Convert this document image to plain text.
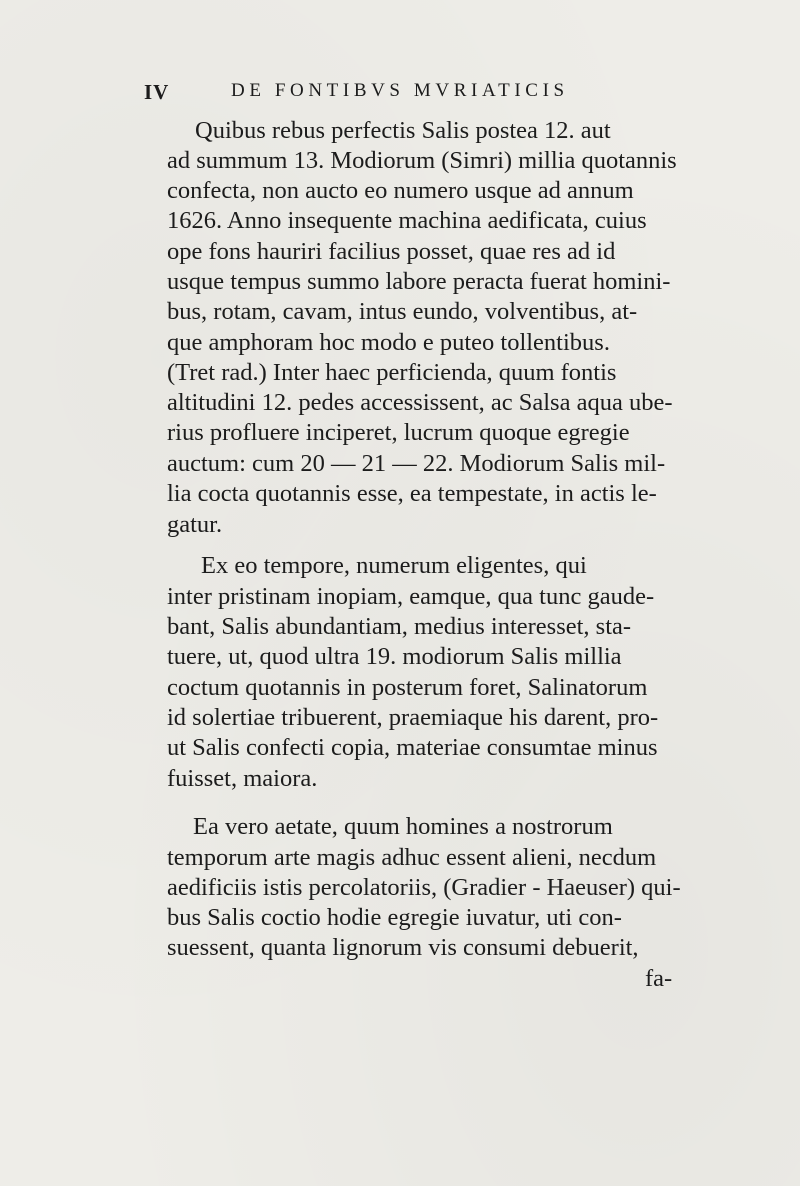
IV	DE FONTIBVS MVRIATICIS
Quibus rebus perfectis Salis postea 12. aut
ad summum 13. Modiorum (Simri) millia quotannis
confecta, non aucto eo numero usque ad annum
1626. Anno insequente machina aedificata, cuius
ope fons hauriri facilius posset, quae res ad id
usque tempus summo labore peracta fuerat homini-
bus, rotam, cavam, intus eundo, volventibus, at-
que amphoram hoc modo e puteo tollentibus.
(Tret rad.) Inter haec perficienda, quum fontis
altitudini 12. pedes accessissent, ac Salsa aqua ube-
rius profluere inciperet, lucrum quoque egregie
auctum: cum 20 — 21 — 22. Modiorum Salis mil-
lia cocta quotannis esse, ea tempestate, in actis le-
gatur.
Ex eo tempore, numerum eligentes, qui
inter pristinam inopiam, eamque, qua tunc gaude-
bant, Salis abundantiam, medius interesset, sta-
tuere, ut, quod ultra 19. modiorum Salis millia
coctum quotannis in posterum foret, Salinatorum
id solertiae tribuerent, praemiaque his darent, pro-
ut Salis confecti copia, materiae consumtae minus
fuisset, maiora.
Ea vero aetate, quum homines a nostrorum
temporum arte magis adhuc essent alieni, necdum
aedificiis istis percolatoriis, (Gradier - Haeuser) qui-
bus Salis coctio hodie egregie iuvatur, uti con-
suessent, quanta lignorum vis consumi debuerit,
fa-
